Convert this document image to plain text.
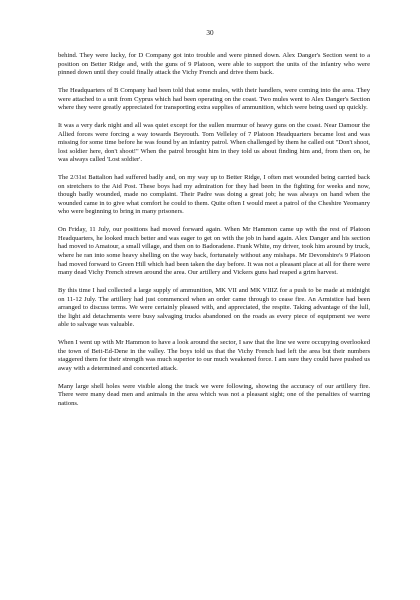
30

behind. They were lucky, for D Company got into trouble and were pinned down. Alex Danger's Section went to a position on Better Ridge and, with the guns of 9 Platoon, were able to support the units of the infantry who were pinned down until they could finally attack the Vichy French and drive them back.

The Headquarters of B Company had been told that some mules, with their handlers, were coming into the area. They were attached to a unit from Cyprus which had been operating on the coast. Two mules went to Alex Danger's Section where they were greatly appreciated for transporting extra supplies of ammunition, which were being used up quickly.

It was a very dark night and all was quiet except for the sullen murmur of heavy guns on the coast. Near Damour the Allied forces were forcing a way towards Beyrouth. Tom Velleley of 7 Platoon Headquarters became lost and was missing for some time before he was found by an infantry patrol. When challenged by them he called out "Don't shoot, lost soldier here, don't shoot!" When the patrol brought him in they told us about finding him and, from then on, he was always called 'Lost soldier'.

The 2/31st Battalion had suffered badly and, on my way up to Better Ridge, I often met wounded being carried back on stretchers to the Aid Post. These boys had my admiration for they had been in the fighting for weeks and now, though badly wounded, made no complaint. Their Padre was doing a great job; he was always on hand when the wounded came in to give what comfort he could to them. Quite often I would meet a patrol of the Cheshire Yeomanry who were beginning to bring in many prisoners.

On Friday, 11 July, our positions had moved forward again. When Mr Hammon came up with the rest of Platoon Headquarters, he looked much better and was eager to get on with the job in hand again. Alex Danger and his section had moved to Amatour, a small village, and then on to Badoradene. Frank White, my driver, took him around by truck, where he ran into some heavy shelling on the way back, fortunately without any mishaps. Mr Devonshire's 9 Platoon had moved forward to Green Hill which had been taken the day before. It was not a pleasant place at all for there were many dead Vichy French strewn around the area. Our artillery and Vickers guns had reaped a grim harvest.

By this time I had collected a large supply of ammunition, MK VII and MK VIIIZ for a push to be made at midnight on 11-12 July. The artillery had just commenced when an order came through to cease fire. An Armistice had been arranged to discuss terms. We were certainly pleased with, and appreciated, the respite. Taking advantage of the lull, the light aid detachments were busy salvaging trucks abandoned on the roads as every piece of equipment we were able to salvage was valuable.

When I went up with Mr Hammon to have a look around the sector, I saw that the line we were occupying overlooked the town of Beit-Ed-Dene in the valley. The boys told us that the Vichy French had left the area but their numbers staggered them for their strength was much superior to our much weakened force. I am sure they could have pushed us away with a determined and concerted attack.

Many large shell holes were visible along the track we were following, showing the accuracy of our artillery fire. There were many dead men and animals in the area which was not a pleasant sight; one of the penalties of warring nations.
